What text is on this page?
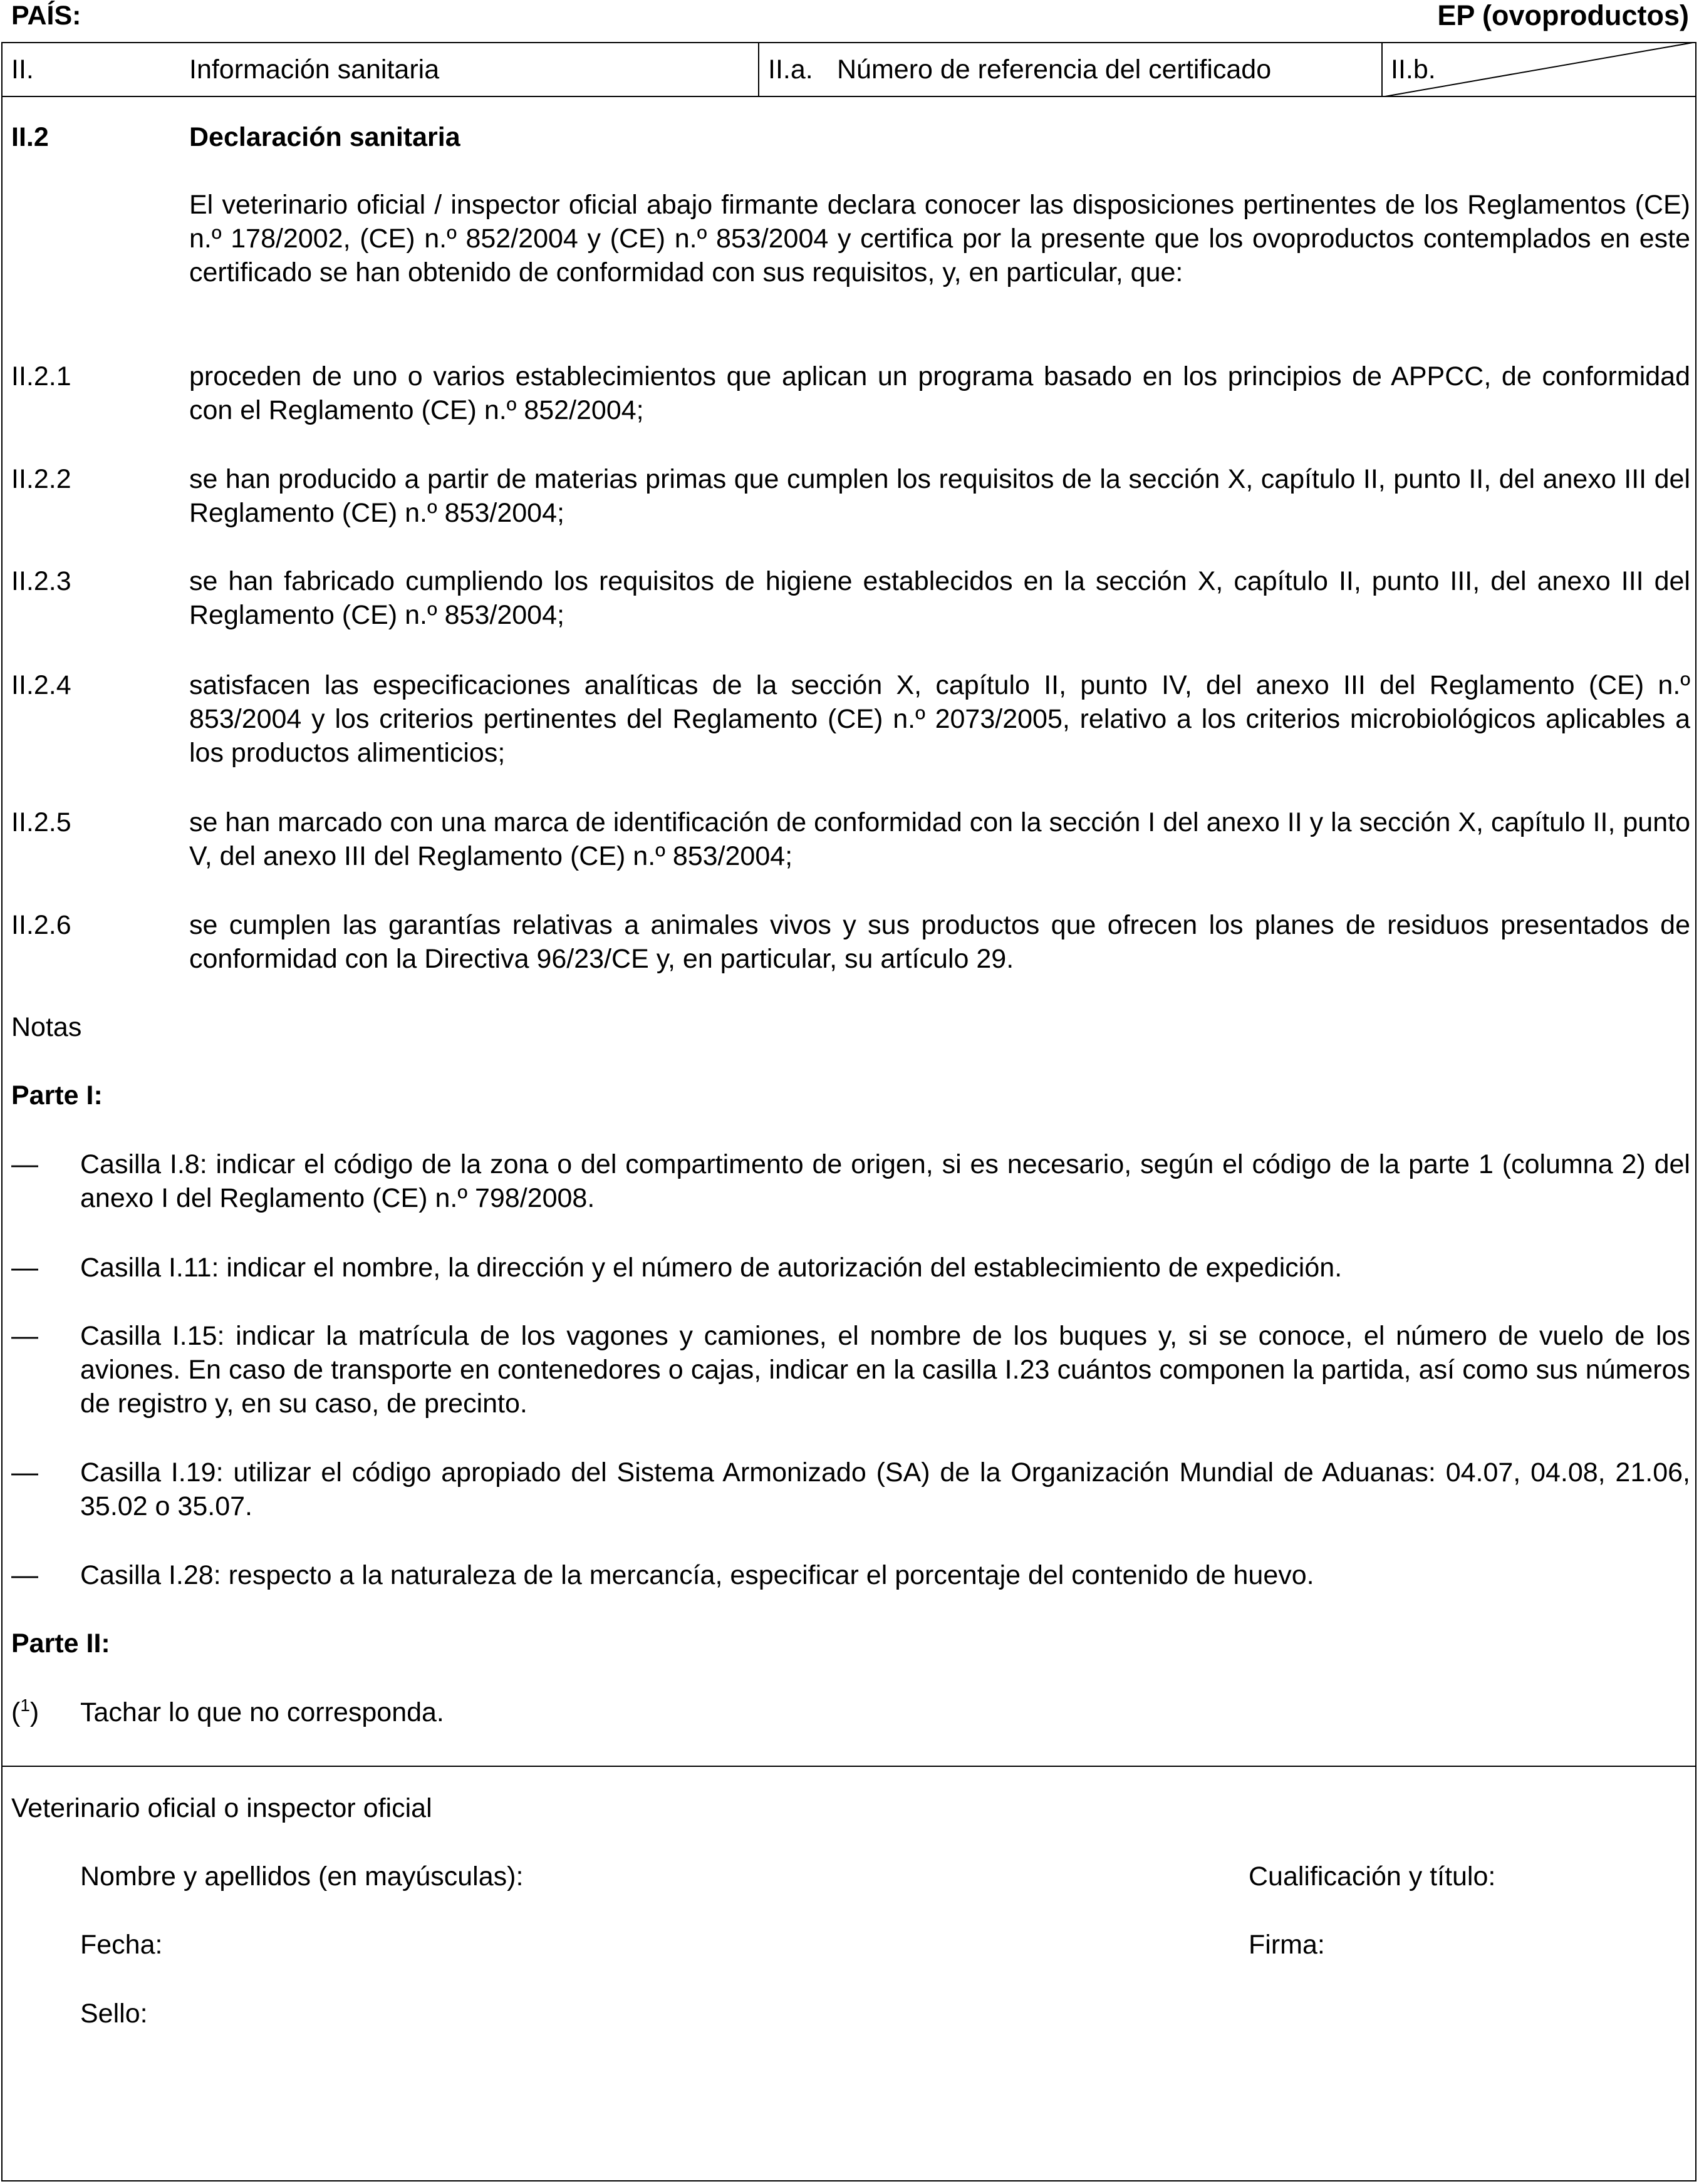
PAÍS:	EP (ovoproductos)
II.	Información sanitaria	II.a. Número de referencia del certificado	II.b.
II.2	Declaración sanitaria
El veterinario oficial / inspector oficial abajo firmante declara conocer las disposiciones pertinentes de los Reglamentos (CE) n.º 178/2002, (CE) n.º 852/2004 y (CE) n.º 853/2004 y certifica por la presente que los ovoproductos contemplados en este certificado se han obtenido de conformidad con sus requisitos, y, en particular, que:
II.2.1	proceden de uno o varios establecimientos que aplican un programa basado en los principios de APPCC, de conformidad con el Reglamento (CE) n.º 852/2004;
II.2.2	se han producido a partir de materias primas que cumplen los requisitos de la sección X, capítulo II, punto II, del anexo III del Reglamento (CE) n.º 853/2004;
II.2.3	se han fabricado cumpliendo los requisitos de higiene establecidos en la sección X, capítulo II, punto III, del anexo III del Reglamento (CE) n.º 853/2004;
II.2.4	satisfacen las especificaciones analíticas de la sección X, capítulo II, punto IV, del anexo III del Reglamento (CE) n.º 853/2004 y los criterios pertinentes del Reglamento (CE) n.º 2073/2005, relativo a los criterios microbiológicos aplicables a los productos alimenticios;
II.2.5	se han marcado con una marca de identificación de conformidad con la sección I del anexo II y la sección X, capítulo II, punto V, del anexo III del Reglamento (CE) n.º 853/2004;
II.2.6	se cumplen las garantías relativas a animales vivos y sus productos que ofrecen los planes de residuos presentados de conformidad con la Directiva 96/23/CE y, en particular, su artículo 29.
Notas
Parte I:
— Casilla I.8: indicar el código de la zona o del compartimento de origen, si es necesario, según el código de la parte 1 (columna 2) del anexo I del Reglamento (CE) n.º 798/2008.
— Casilla I.11: indicar el nombre, la dirección y el número de autorización del establecimiento de expedición.
— Casilla I.15: indicar la matrícula de los vagones y camiones, el nombre de los buques y, si se conoce, el número de vuelo de los aviones. En caso de transporte en contenedores o cajas, indicar en la casilla I.23 cuántos componen la partida, así como sus números de registro y, en su caso, de precinto.
— Casilla I.19: utilizar el código apropiado del Sistema Armonizado (SA) de la Organización Mundial de Aduanas: 04.07, 04.08, 21.06, 35.02 o 35.07.
— Casilla I.28: respecto a la naturaleza de la mercancía, especificar el porcentaje del contenido de huevo.
Parte II:
($^1$) Tachar lo que no corresponda.
Veterinario oficial o inspector oficial
Nombre y apellidos (en mayúsculas):	Cualificación y título:
Fecha:	Firma:
Sello:
